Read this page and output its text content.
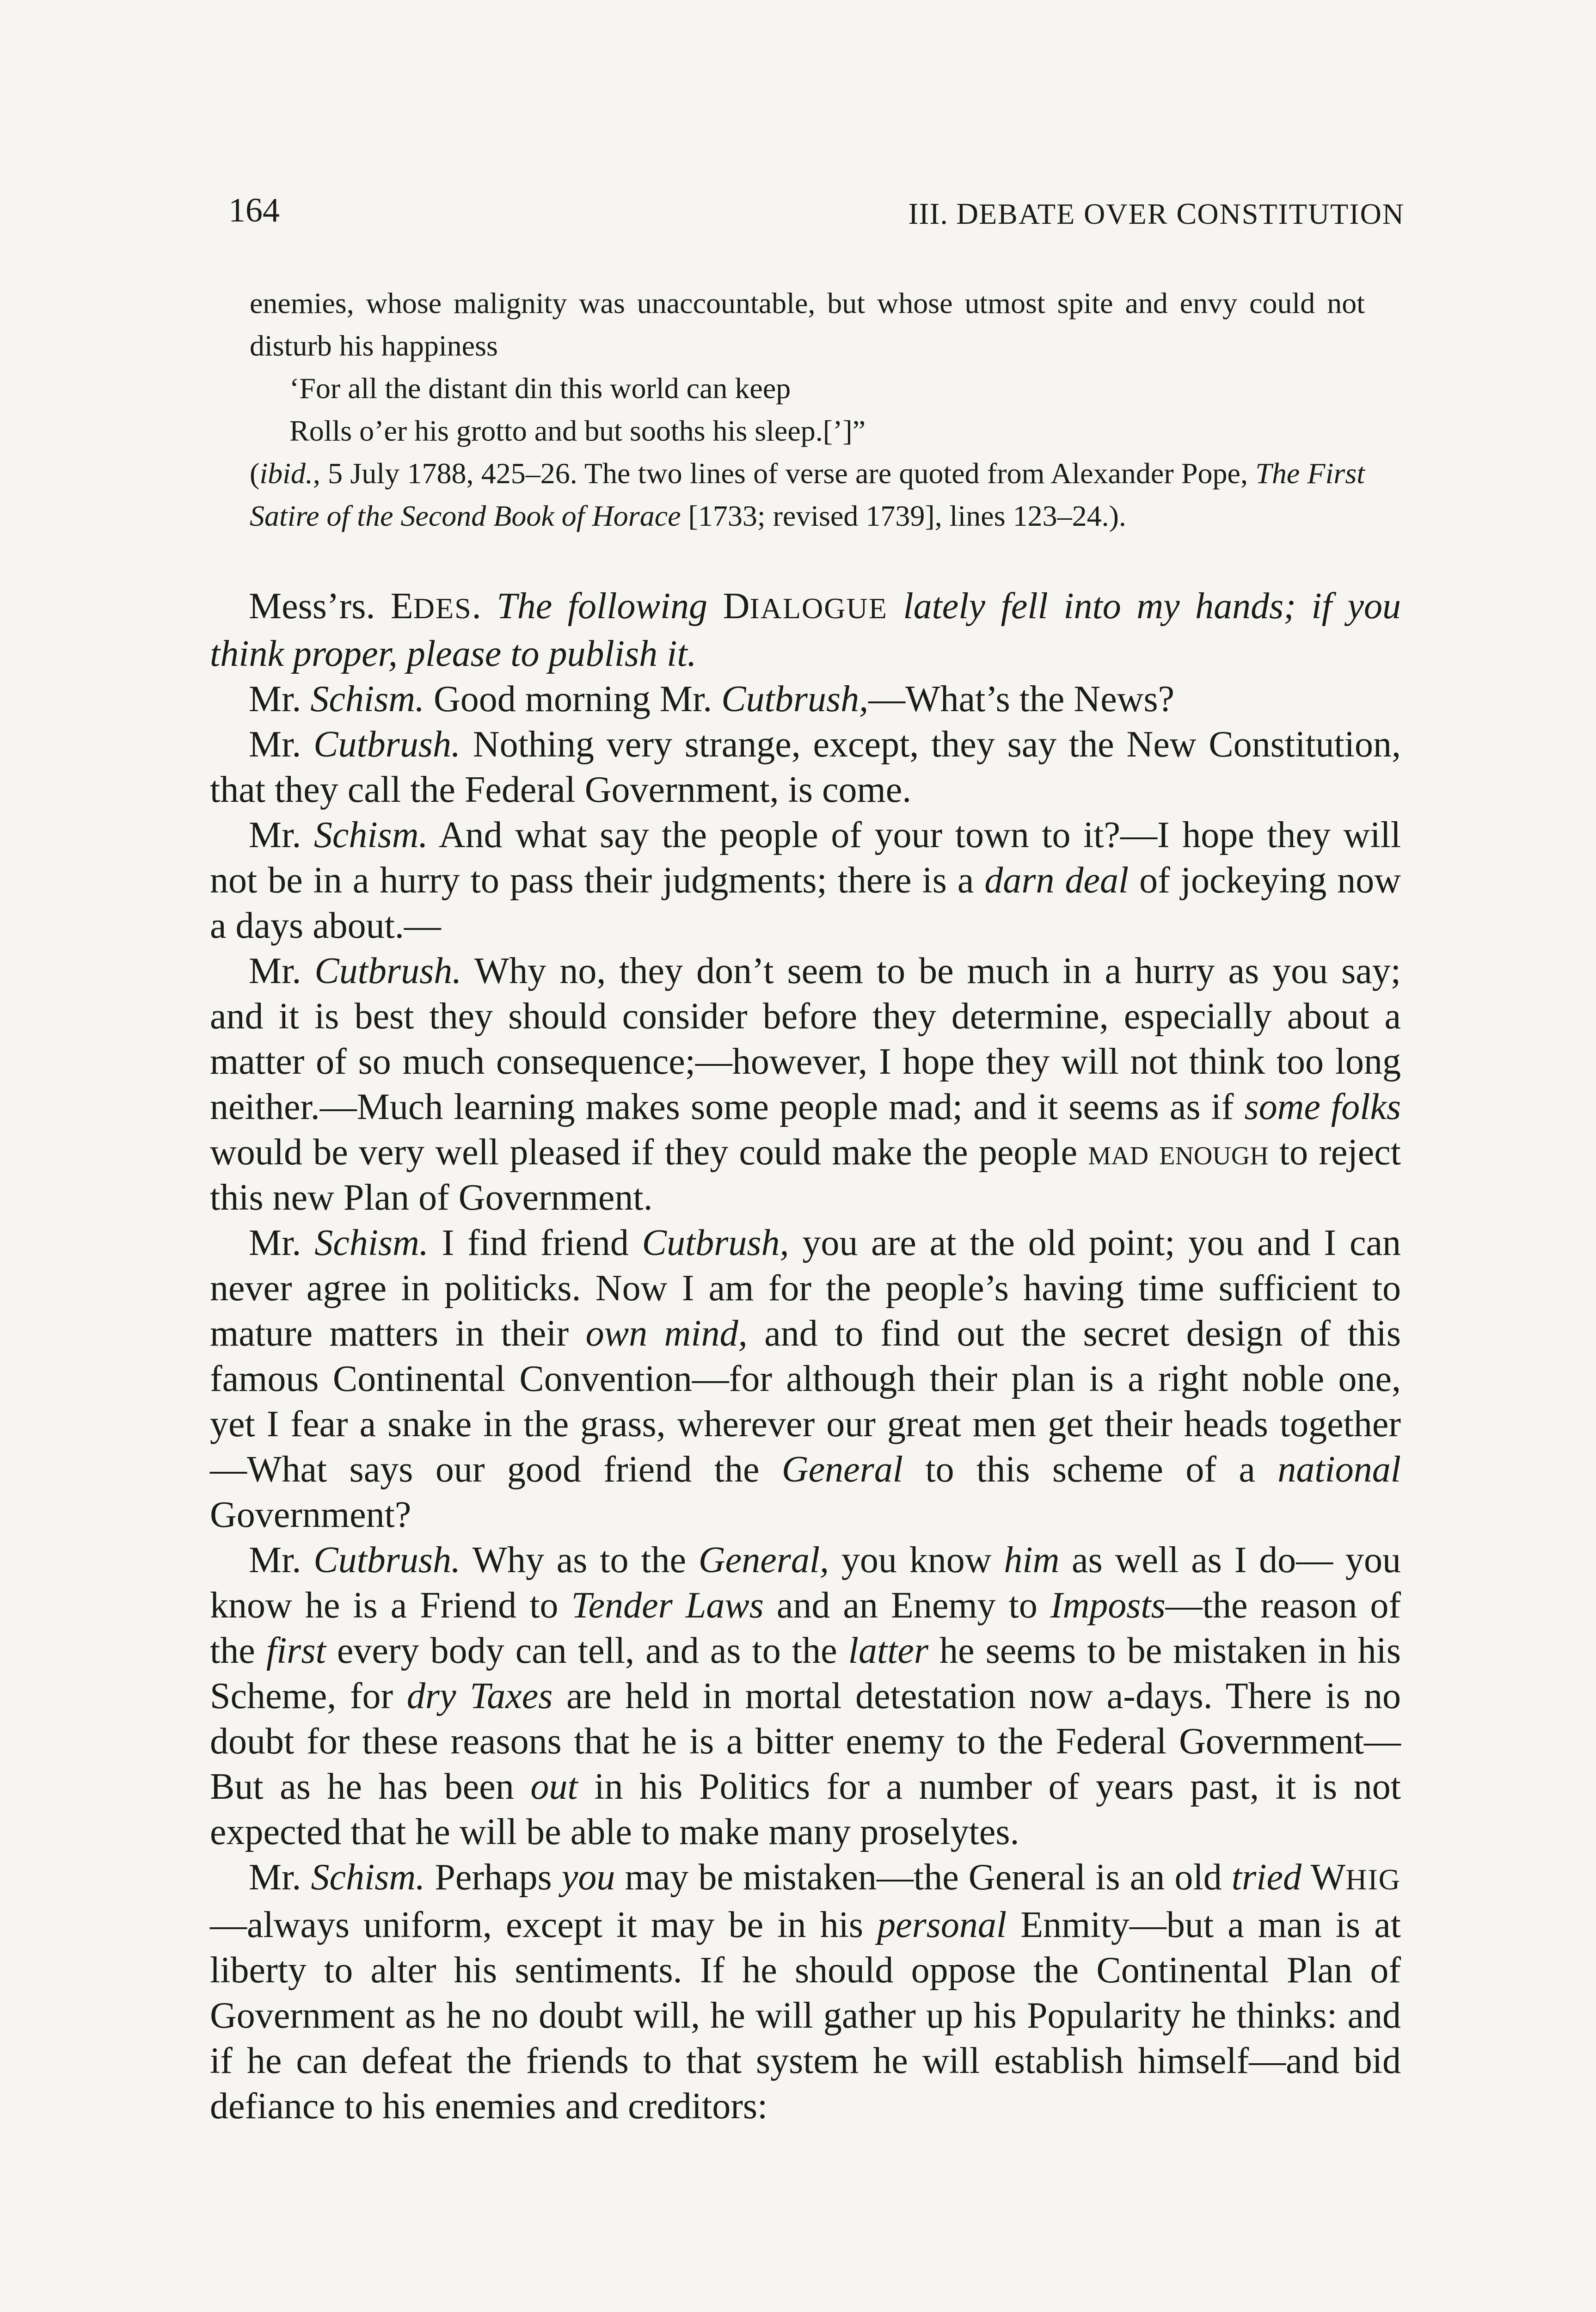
164	III. DEBATE OVER CONSTITUTION

enemies, whose malignity was unaccountable, but whose utmost spite and envy could not disturb his happiness

‘For all the distant din this world can keep

Rolls o’er his grotto and but sooths his sleep.[’]”

(ibid., 5 July 1788, 425–26. The two lines of verse are quoted from Alexander Pope, The First Satire of the Second Book of Horace [1733; revised 1739], lines 123–24.).

Mess’rs. EDES. The following DIALOGUE lately fell into my hands; if you think proper, please to publish it.

Mr. Schism. Good morning Mr. Cutbrush,—What’s the News?

Mr. Cutbrush. Nothing very strange, except, they say the New Constitution, that they call the Federal Government, is come.

Mr. Schism. And what say the people of your town to it?—I hope they will not be in a hurry to pass their judgments; there is a darn deal of jockeying now a days about.—

Mr. Cutbrush. Why no, they don’t seem to be much in a hurry as you say; and it is best they should consider before they determine, especially about a matter of so much consequence;—however, I hope they will not think too long neither.—Much learning makes some people mad; and it seems as if some folks would be very well pleased if they could make the people mad enough to reject this new Plan of Government.

Mr. Schism. I find friend Cutbrush, you are at the old point; you and I can never agree in politicks. Now I am for the people’s having time sufficient to mature matters in their own mind, and to find out the secret design of this famous Continental Convention—for although their plan is a right noble one, yet I fear a snake in the grass, wherever our great men get their heads together—What says our good friend the General to this scheme of a national Government?

Mr. Cutbrush. Why as to the General, you know him as well as I do— you know he is a Friend to Tender Laws and an Enemy to Imposts—the reason of the first every body can tell, and as to the latter he seems to be mistaken in his Scheme, for dry Taxes are held in mortal detestation now a-days. There is no doubt for these reasons that he is a bitter enemy to the Federal Government—But as he has been out in his Politics for a number of years past, it is not expected that he will be able to make many proselytes.

Mr. Schism. Perhaps you may be mistaken—the General is an old tried WHIG—always uniform, except it may be in his personal Enmity—but a man is at liberty to alter his sentiments. If he should oppose the Continental Plan of Government as he no doubt will, he will gather up his Popularity he thinks: and if he can defeat the friends to that system he will establish himself—and bid defiance to his enemies and creditors:
